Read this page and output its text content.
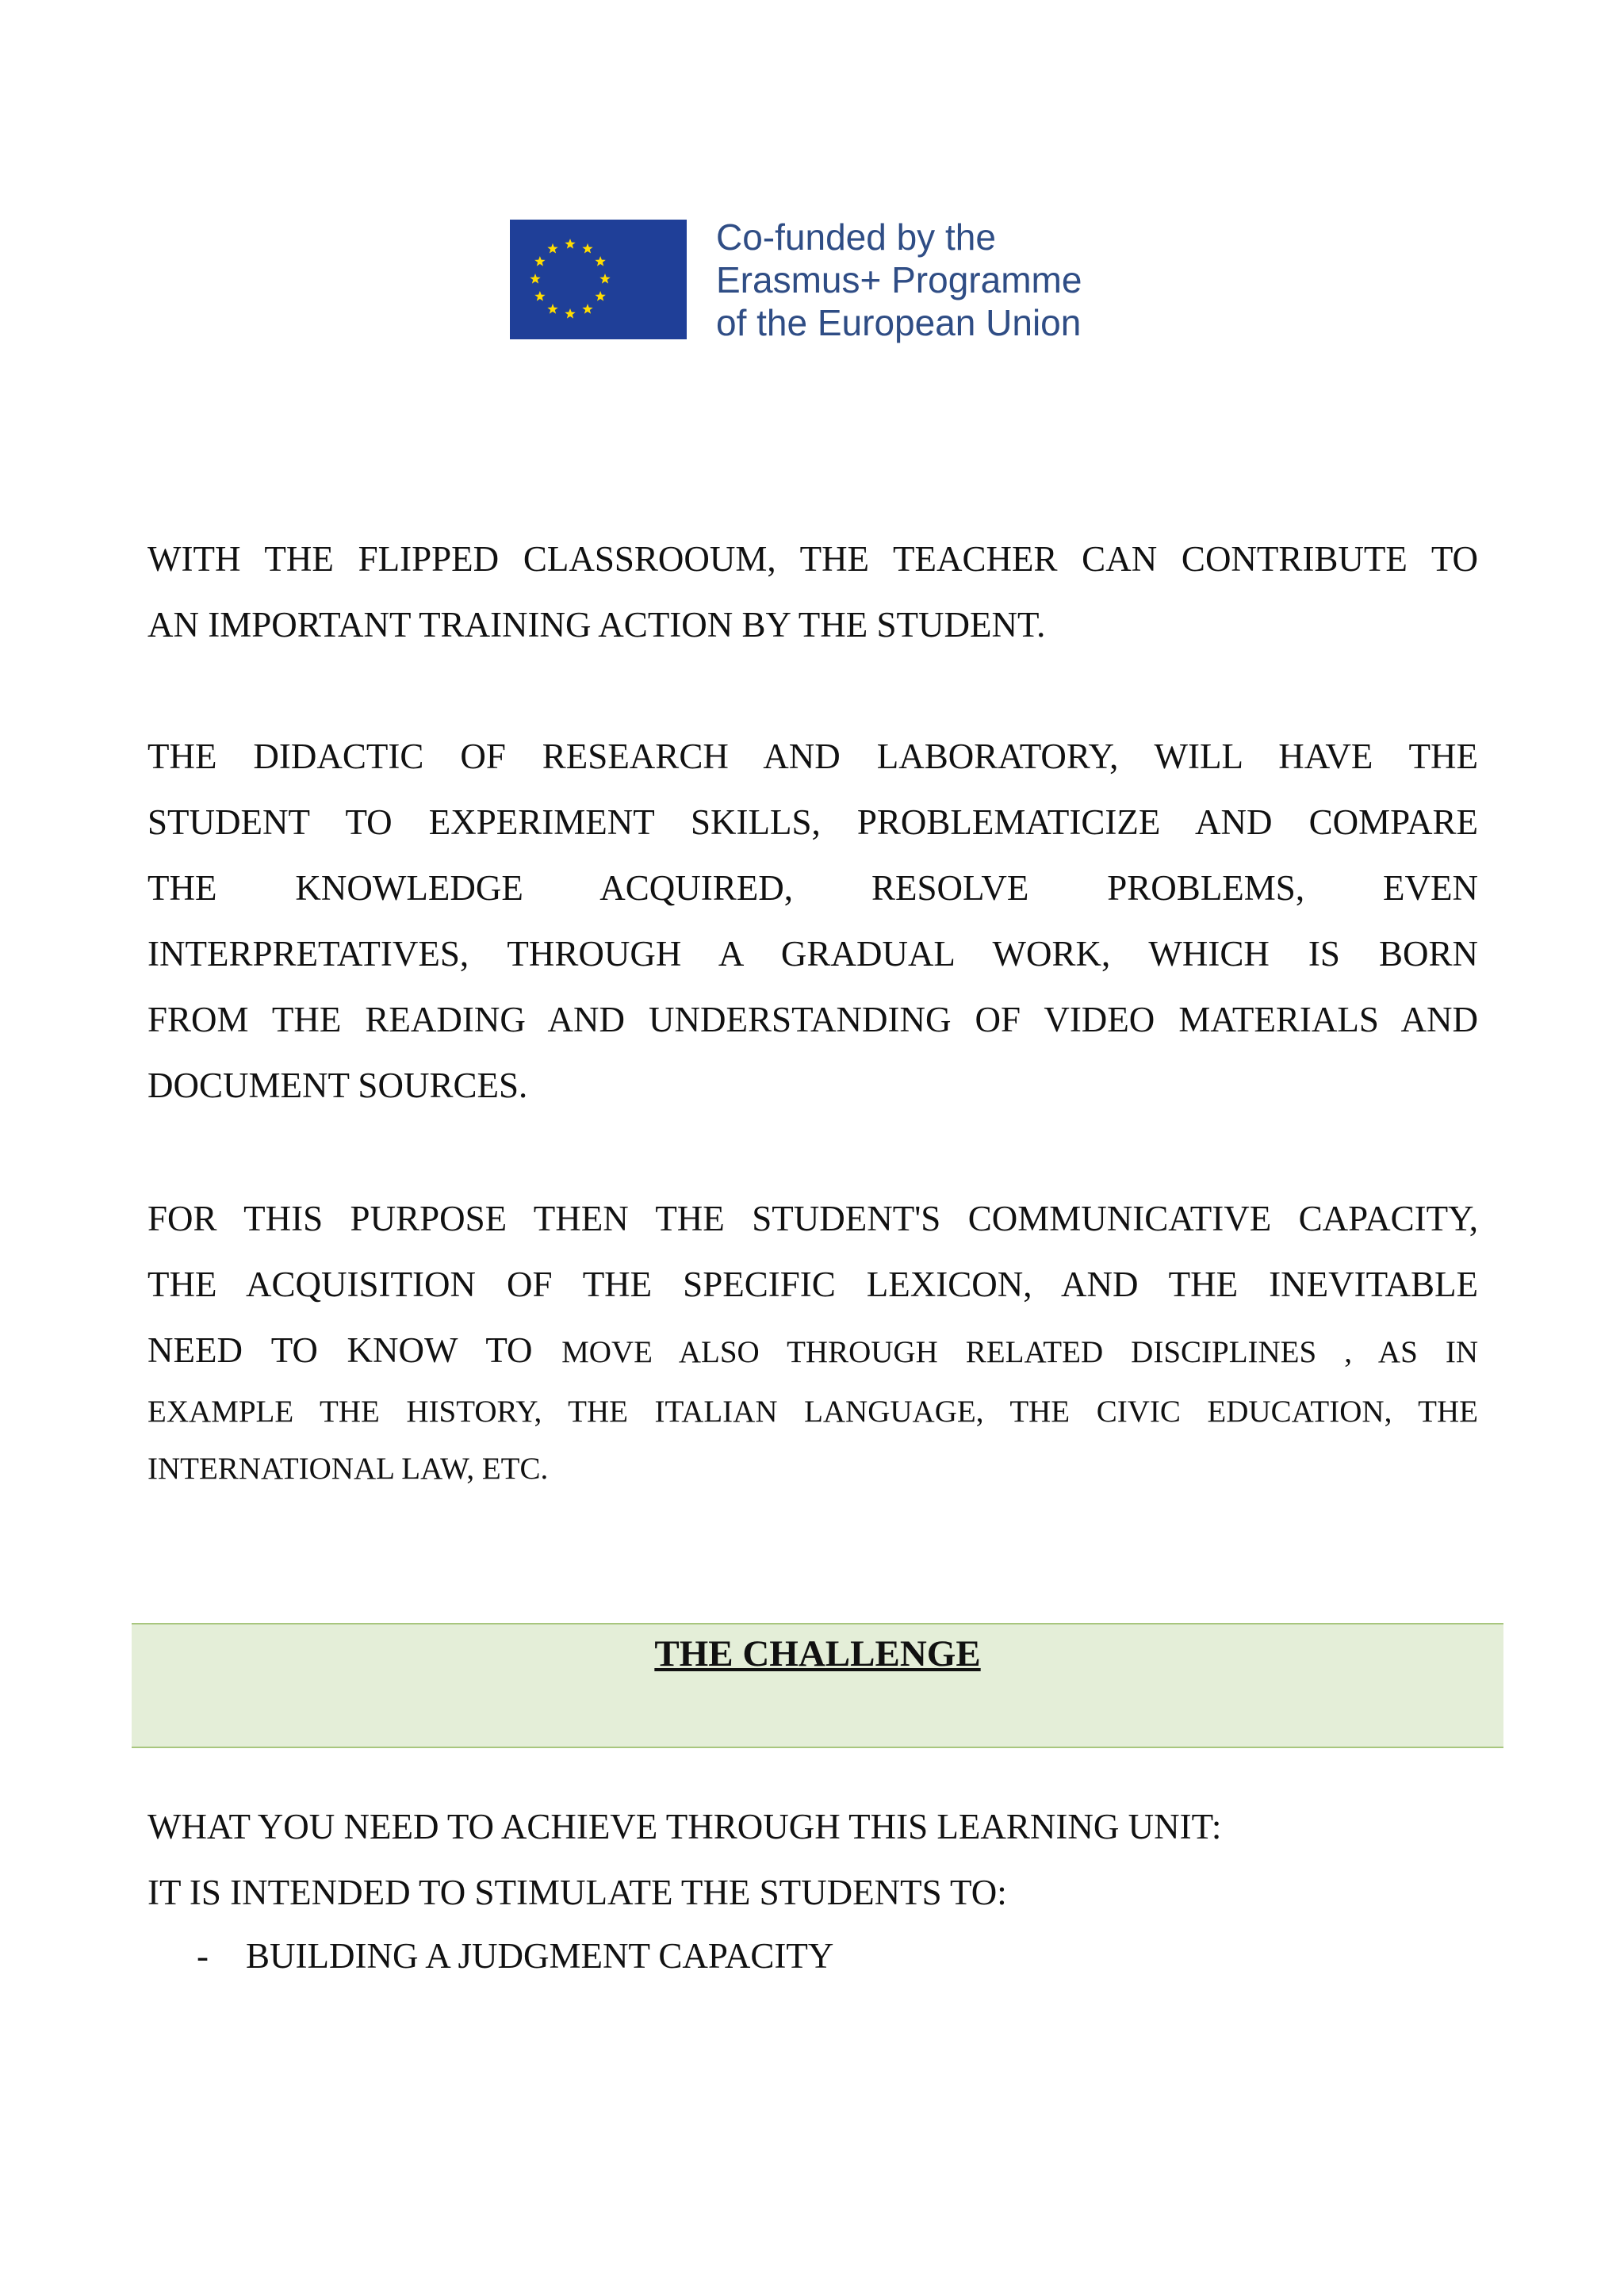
Co-funded by the
Erasmus+ Programme
of the European Union
WITH THE FLIPPED CLASSROOUM, THE TEACHER CAN CONTRIBUTE TO
AN IMPORTANT TRAINING ACTION BY THE STUDENT.
THE DIDACTIC OF RESEARCH AND LABORATORY, WILL HAVE THE
STUDENT TO EXPERIMENT SKILLS, PROBLEMATICIZE AND COMPARE
THE KNOWLEDGE ACQUIRED, RESOLVE PROBLEMS, EVEN
INTERPRETATIVES, THROUGH A GRADUAL WORK, WHICH IS BORN
FROM THE READING AND UNDERSTANDING OF VIDEO MATERIALS AND
DOCUMENT SOURCES.
FOR THIS PURPOSE THEN THE STUDENT'S COMMUNICATIVE CAPACITY,
THE ACQUISITION OF THE SPECIFIC LEXICON, AND THE INEVITABLE
NEED TO KNOW TO MOVE ALSO THROUGH RELATED DISCIPLINES , AS IN
EXAMPLE THE HISTORY, THE ITALIAN LANGUAGE, THE CIVIC EDUCATION, THE
INTERNATIONAL LAW, ETC.
THE CHALLENGE
WHAT YOU NEED TO ACHIEVE THROUGH THIS LEARNING UNIT:
IT IS INTENDED TO STIMULATE THE STUDENTS TO:
- BUILDING A JUDGMENT CAPACITY
